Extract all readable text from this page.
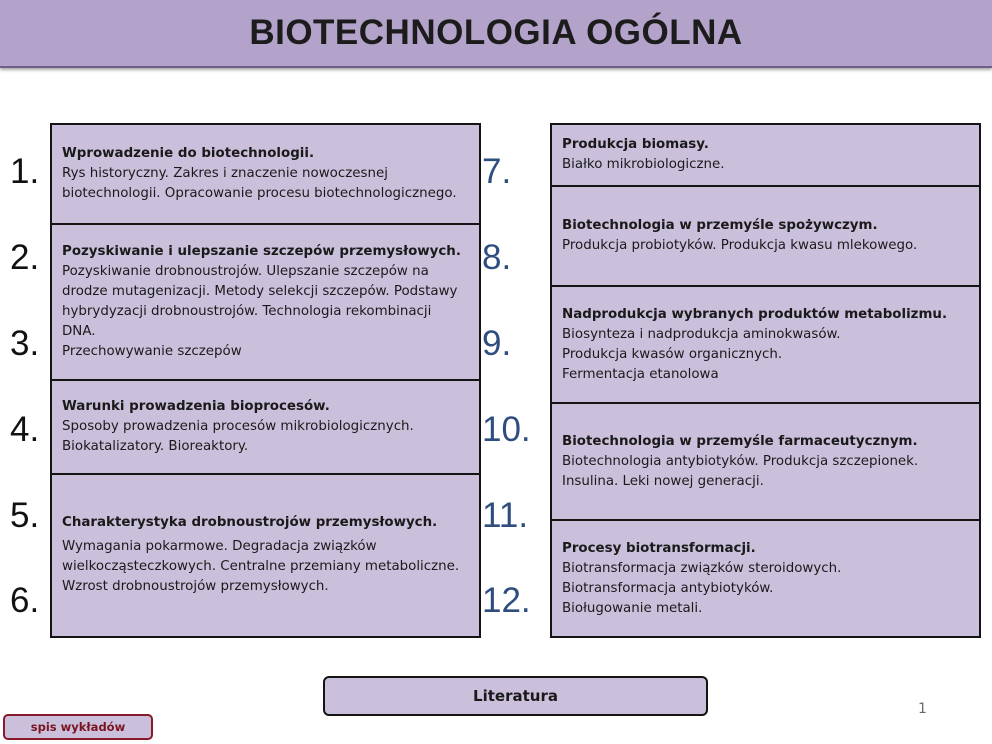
BIOTECHNOLOGIA OGÓLNA
1.
2.
3.
4.
5.
6.
7.
8.
9.
10.
11.
12.
Wprowadzenie do biotechnologii.
Rys historyczny. Zakres i znaczenie nowoczesnej
biotechnologii. Opracowanie procesu biotechnologicznego.
Pozyskiwanie i ulepszanie szczepów przemysłowych.
Pozyskiwanie drobnoustrojów. Ulepszanie szczepów na
drodze mutagenizacji. Metody selekcji szczepów. Podstawy
hybrydyzacji drobnoustrojów. Technologia rekombinacji DNA.
Przechowywanie szczepów
Warunki prowadzenia bioprocesów.
Sposoby prowadzenia procesów mikrobiologicznych.
Biokatalizatory. Bioreaktory.
Charakterystyka drobnoustrojów przemysłowych.
Wymagania pokarmowe. Degradacja związków
wielkocząsteczkowych. Centralne przemiany metaboliczne.
Wzrost drobnoustrojów przemysłowych.
Produkcja biomasy.
Białko mikrobiologiczne.
Biotechnologia w przemyśle spożywczym.
Produkcja probiotyków. Produkcja kwasu mlekowego.
Nadprodukcja wybranych produktów metabolizmu.
Biosynteza i nadprodukcja aminokwasów.
Produkcja kwasów organicznych.
Fermentacja etanolowa
Biotechnologia w przemyśle farmaceutycznym.
Biotechnologia antybiotyków. Produkcja szczepionek.
Insulina. Leki nowej generacji.
Procesy biotransformacji.
Biotransformacja związków steroidowych.
Biotransformacja antybiotyków.
Bioługowanie metali.
Literatura
spis wykładów
1
